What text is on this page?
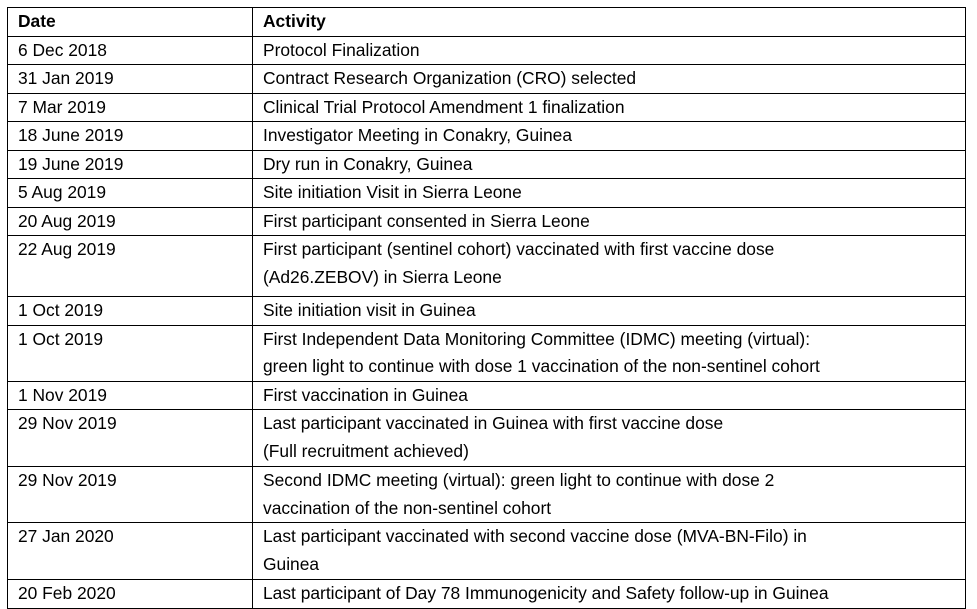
Date	Activity
6 Dec 2018	Protocol Finalization

31 Jan 2019	Contract Research Organization (CRO) selected

7 Mar 2019	Clinical Trial Protocol Amendment 1 finalization

18 June 2019	Investigator Meeting in Conakry, Guinea

19 June 2019	Dry run in Conakry, Guinea

5 Aug 2019	Site initiation Visit in Sierra Leone

20 Aug 2019	First participant consented in Sierra Leone

22 Aug 2019	First participant (sentinel cohort) vaccinated with first vaccine dose
(Ad26.ZEBOV) in Sierra Leone

1 Oct 2019	Site initiation visit in Guinea

1 Oct 2019	First Independent Data Monitoring Committee (IDMC) meeting (virtual):
green light to continue with dose 1 vaccination of the non-sentinel cohort

1 Nov 2019	First vaccination in Guinea

29 Nov 2019	Last participant vaccinated in Guinea with first vaccine dose
(Full recruitment achieved)

29 Nov 2019	Second IDMC meeting (virtual): green light to continue with dose 2
vaccination of the non-sentinel cohort

27 Jan 2020	Last participant vaccinated with second vaccine dose (MVA-BN-Filo) in
Guinea

20 Feb 2020	Last participant of Day 78 Immunogenicity and Safety follow-up in Guinea
